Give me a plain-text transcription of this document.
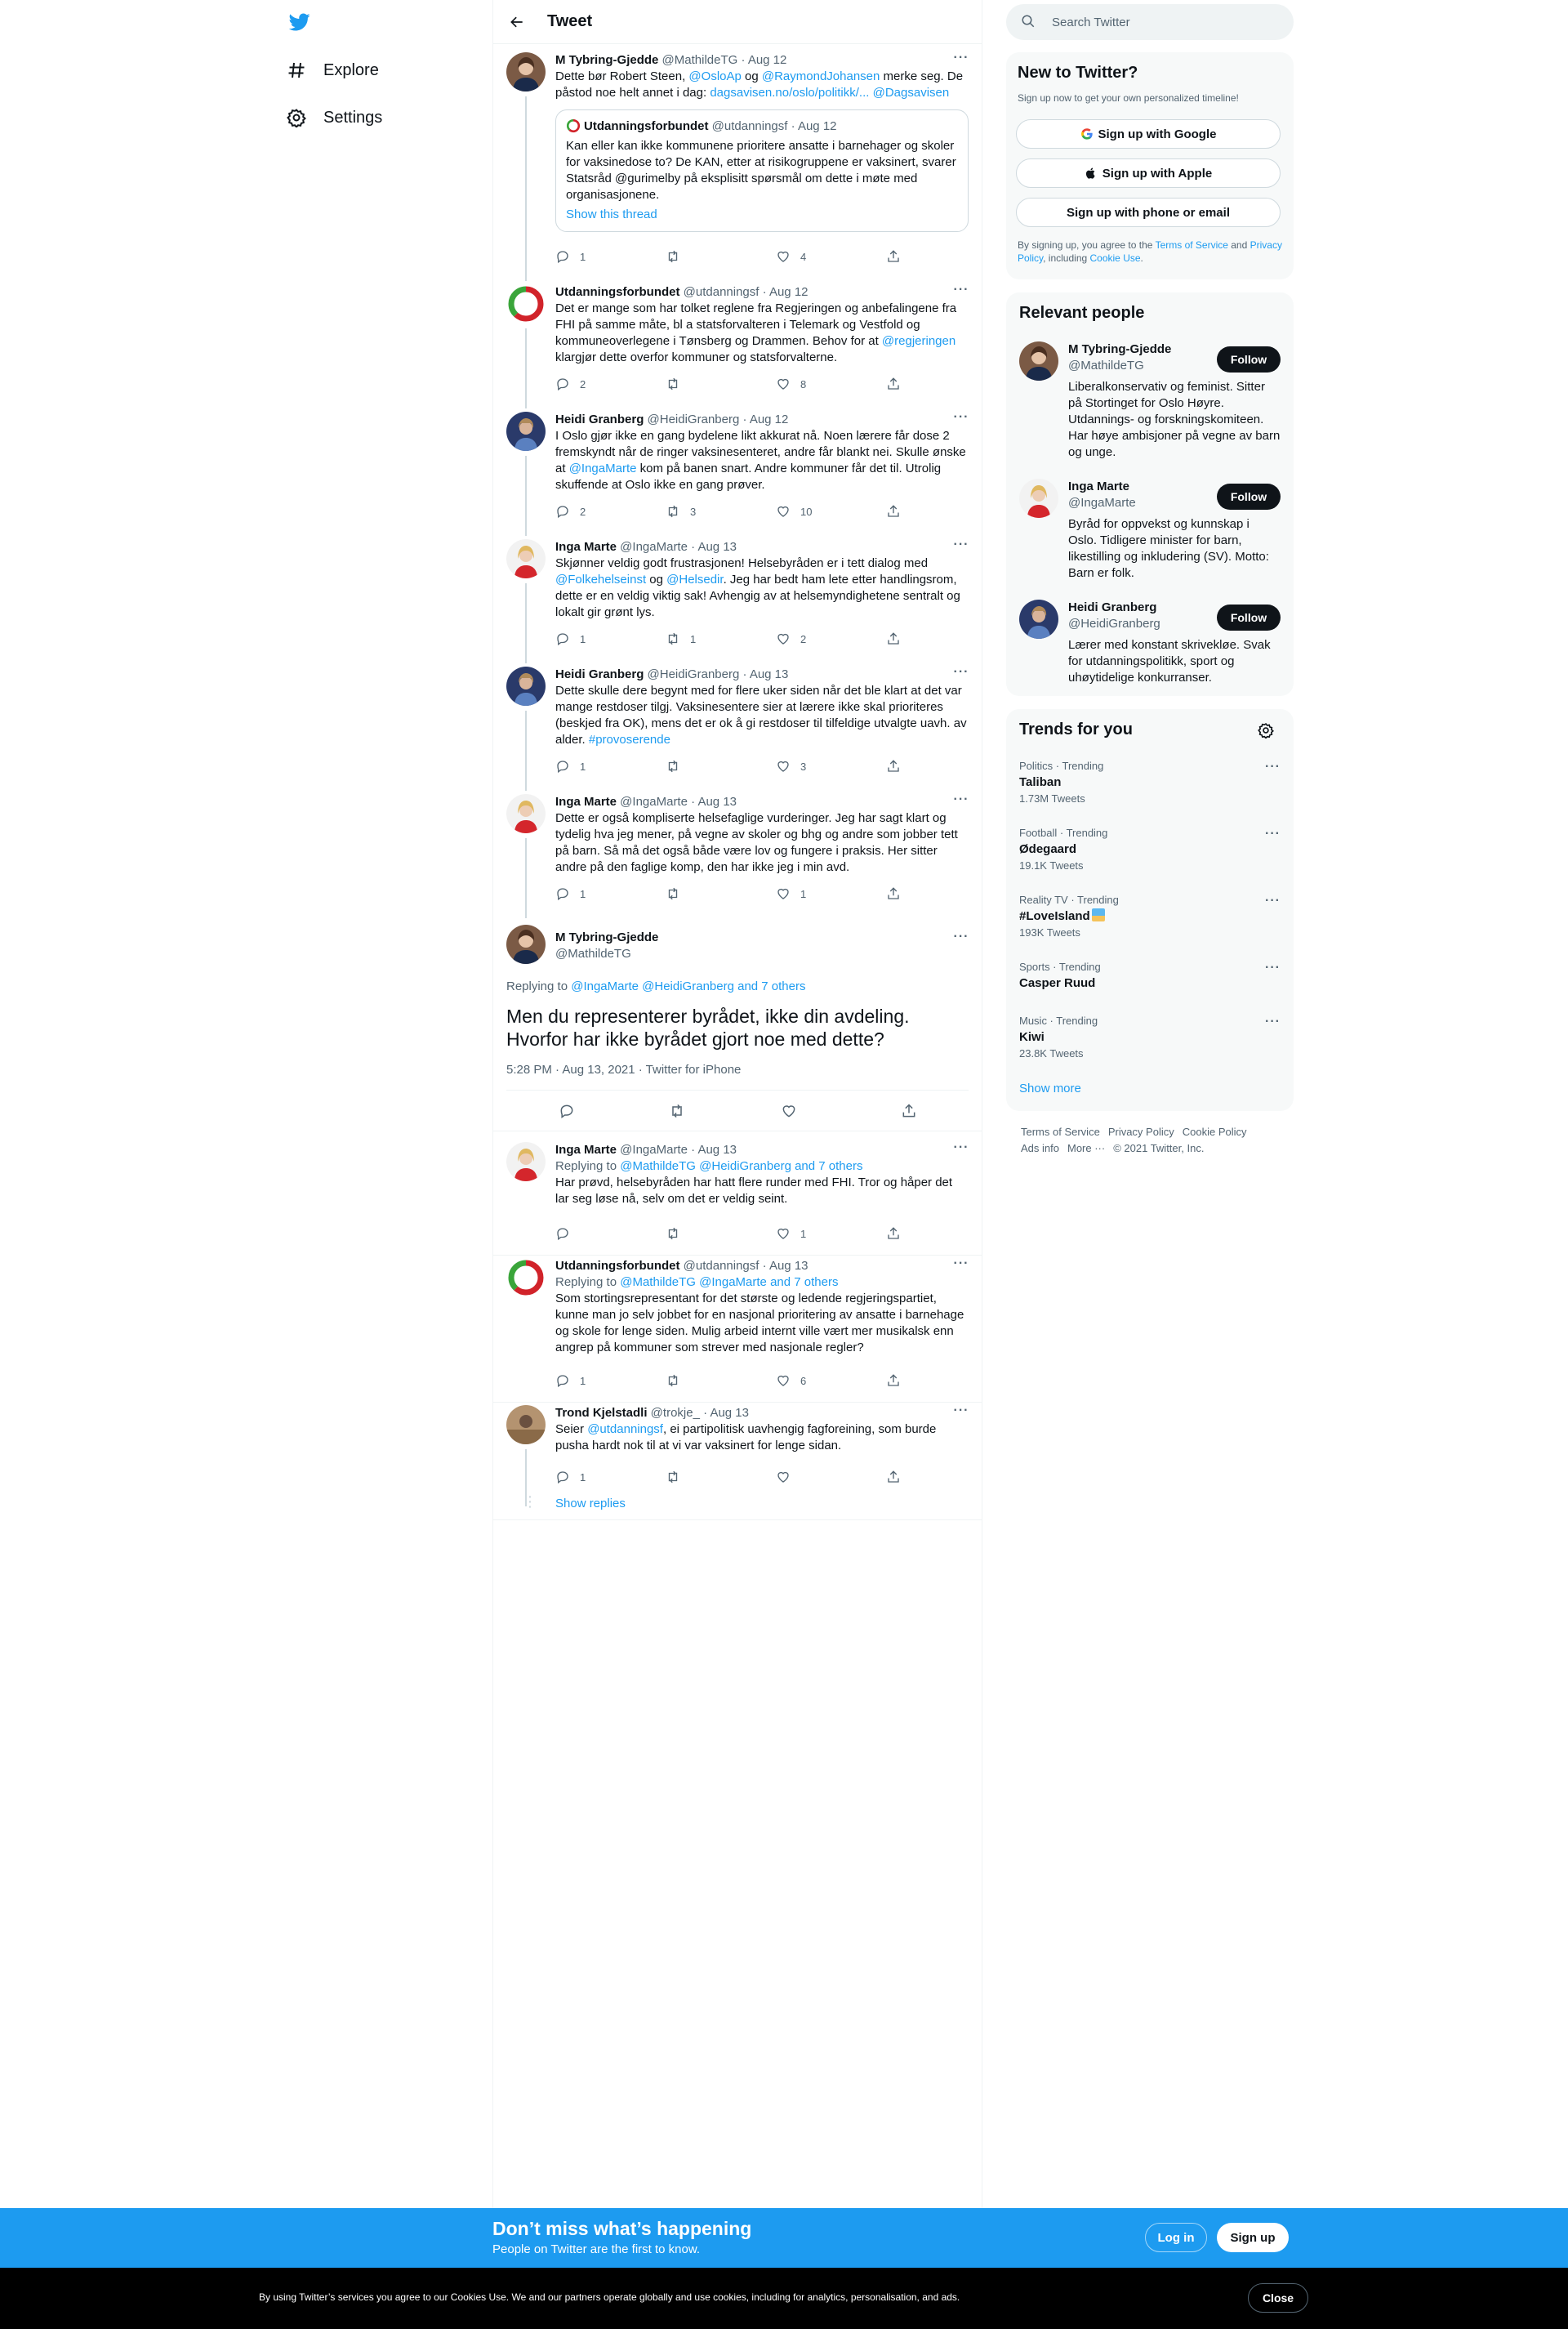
Explore
Settings
Tweet
···
M Tybring-Gjedde @MathildeTG · Aug 12
Dette bør Robert Steen, @OsloAp og @RaymondJohansen merke seg. De påstod noe helt annet i dag: dagsavisen.no/oslo/politikk/... @Dagsavisen
Utdanningsforbundet @utdanningsf · Aug 12
Kan eller kan ikke kommunene prioritere ansatte i barnehager og skoler for vaksinedose to? De KAN, etter at risikogruppene er vaksinert, svarer Statsråd @gurimelby på eksplisitt spørsmål om dette i møte med organisasjonene.
Show this thread
1	4
···
Utdanningsforbundet @utdanningsf · Aug 12
Det er mange som har tolket reglene fra Regjeringen og anbefalingene fra FHI på samme måte, bl a statsforvalteren i Telemark og Vestfold og kommuneoverlegene i Tønsberg og Drammen. Behov for at @regjeringen klargjør dette overfor kommuner og statsforvalterne.
2	8
···
Heidi Granberg @HeidiGranberg · Aug 12
I Oslo gjør ikke en gang bydelene likt akkurat nå. Noen lærere får dose 2 fremskyndt når de ringer vaksinesenteret, andre får blankt nei. Skulle ønske at @IngaMarte kom på banen snart. Andre kommuner får det til. Utrolig skuffende at Oslo ikke en gang prøver.
2	3	10
···
Inga Marte @IngaMarte · Aug 13
Skjønner veldig godt frustrasjonen! Helsebyråden er i tett dialog med @Folkehelseinst og @Helsedir. Jeg har bedt ham lete etter handlingsrom, dette er en veldig viktig sak! Avhengig av at helsemyndighetene sentralt og lokalt gir grønt lys.
1	1	2
···
Heidi Granberg @HeidiGranberg · Aug 13
Dette skulle dere begynt med for flere uker siden når det ble klart at det var mange restdoser tilgj. Vaksinesentere sier at lærere ikke skal prioriteres (beskjed fra OK), mens det er ok å gi restdoser til tilfeldige utvalgte uavh. av alder. #provoserende
1	3
···
Inga Marte @IngaMarte · Aug 13
Dette er også kompliserte helsefaglige vurderinger. Jeg har sagt klart og tydelig hva jeg mener, på vegne av skoler og bhg og andre som jobber tett på barn. Så må det også både være lov og fungere i praksis. Her sitter andre på den faglige komp, den har ikke jeg i min avd.
1	1
M Tybring-Gjedde
@MathildeTG
···
Replying to @IngaMarte @HeidiGranberg and 7 others
Men du representerer byrådet, ikke din avdeling. Hvorfor har ikke byrådet gjort noe med dette?
5:28 PM · Aug 13, 2021 · Twitter for iPhone
···
Inga Marte @IngaMarte · Aug 13
Replying to @MathildeTG @HeidiGranberg and 7 others
Har prøvd, helsebyråden har hatt flere runder med FHI. Tror og håper det lar seg løse nå, selv om det er veldig seint.
1
···
Utdanningsforbundet @utdanningsf · Aug 13
Replying to @MathildeTG @IngaMarte and 7 others
Som stortingsrepresentant for det største og ledende regjeringspartiet, kunne man jo selv jobbet for en nasjonal prioritering av ansatte i barnehage og skole for lenge siden. Mulig arbeid internt ville vært mer musikalsk enn angrep på kommuner som strever med nasjonale regler?
1	6
···
Trond Kjelstadli @trokje_ · Aug 13
Seier @utdanningsf, ei partipolitisk uavhengig fagforeining, som burde pusha hardt nok til at vi var vaksinert for lenge sidan.
1
Show replies
⋮
Search Twitter
New to Twitter?
Sign up now to get your own personalized timeline!
Sign up with Google
Sign up with Apple
Sign up with phone or email
By signing up, you agree to the Terms of Service and Privacy Policy, including Cookie Use.
Relevant people
M Tybring-Gjedde
@MathildeTG
Liberalkonservativ og feminist. Sitter på Stortinget for Oslo Høyre. Utdannings- og forskningskomiteen. Har høye ambisjoner på vegne av barn og unge.
Follow
Inga Marte
@IngaMarte
Byråd for oppvekst og kunnskap i Oslo. Tidligere minister for barn, likestilling og inkludering (SV). Motto: Barn er folk.
Follow
Heidi Granberg
@HeidiGranberg
Lærer med konstant skrivekløe. Svak for utdanningspolitikk, sport og uhøytidelige konkurranser.
Follow
Trends for you
Politics · Trending
Taliban
1.73M Tweets
···
Football · Trending
Ødegaard
19.1K Tweets
···
Reality TV · Trending
#LoveIsland
193K Tweets
···
Sports · Trending
Casper Ruud
···
Music · Trending
Kiwi
23.8K Tweets
···
Show more
Terms of Service Privacy Policy Cookie Policy
Ads info More ··· © 2021 Twitter, Inc.
Don’t miss what’s happening
People on Twitter are the first to know.
Log in	Sign up
By using Twitter’s services you agree to our Cookies Use. We and our partners operate globally and use cookies, including for analytics, personalisation, and ads.	Close
